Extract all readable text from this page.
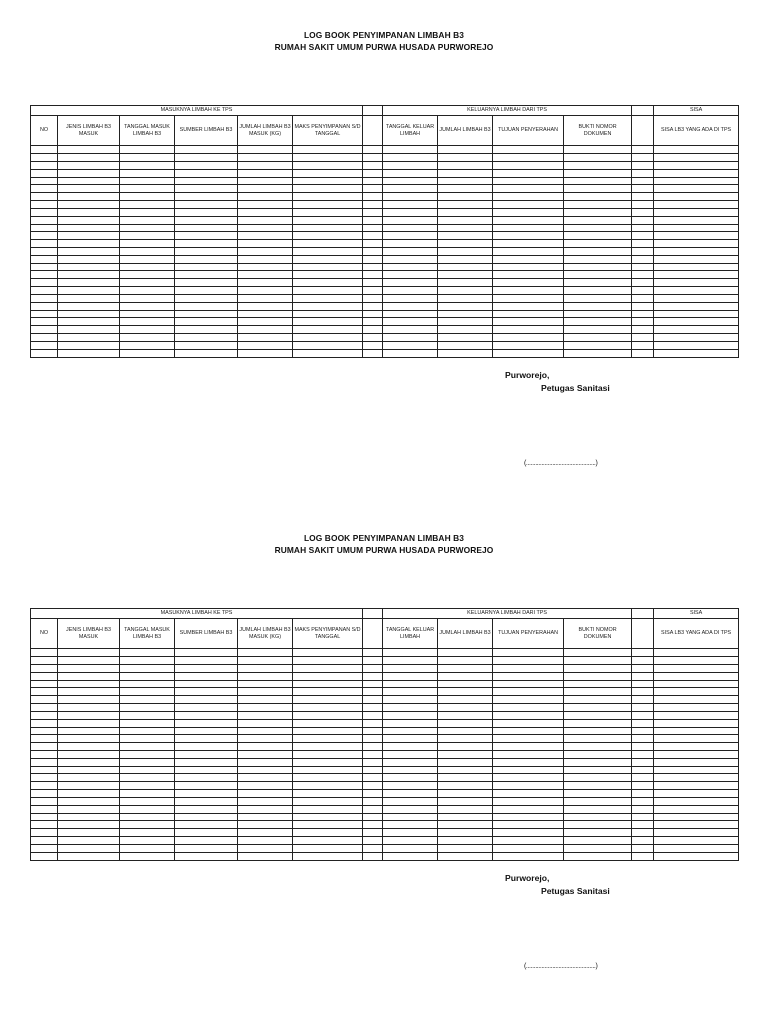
LOG BOOK PENYIMPANAN LIMBAH B3
RUMAH SAKIT UMUM PURWA HUSADA PURWOREJO
MASUKNYA LIMBAH KE TPS							KELUARNYA LIMBAH DARI TPS					SISA
NO	JENIS LIMBAH B3 MASUK	TANGGAL MASUK LIMBAH B3	SUMBER LIMBAH B3	JUMLAH LIMBAH B3 MASUK (KG)	MAKS PENYIMPANAN S/D TANGGAL		TANGGAL KELUAR LIMBAH	JUMLAH LIMBAH B3	TUJUAN PENYERAHAN	BUKTI NOMOR DOKUMEN		SISA LB3 YANG ADA DI TPS

Purworejo,
Petugas Sanitasi
(.............................................)
LOG BOOK PENYIMPANAN LIMBAH B3
RUMAH SAKIT UMUM PURWA HUSADA PURWOREJO
MASUKNYA LIMBAH KE TPS							KELUARNYA LIMBAH DARI TPS					SISA
NO	JENIS LIMBAH B3 MASUK	TANGGAL MASUK LIMBAH B3	SUMBER LIMBAH B3	JUMLAH LIMBAH B3 MASUK (KG)	MAKS PENYIMPANAN S/D TANGGAL		TANGGAL KELUAR LIMBAH	JUMLAH LIMBAH B3	TUJUAN PENYERAHAN	BUKTI NOMOR DOKUMEN		SISA LB3 YANG ADA DI TPS

Purworejo,
Petugas Sanitasi
(.............................................)
